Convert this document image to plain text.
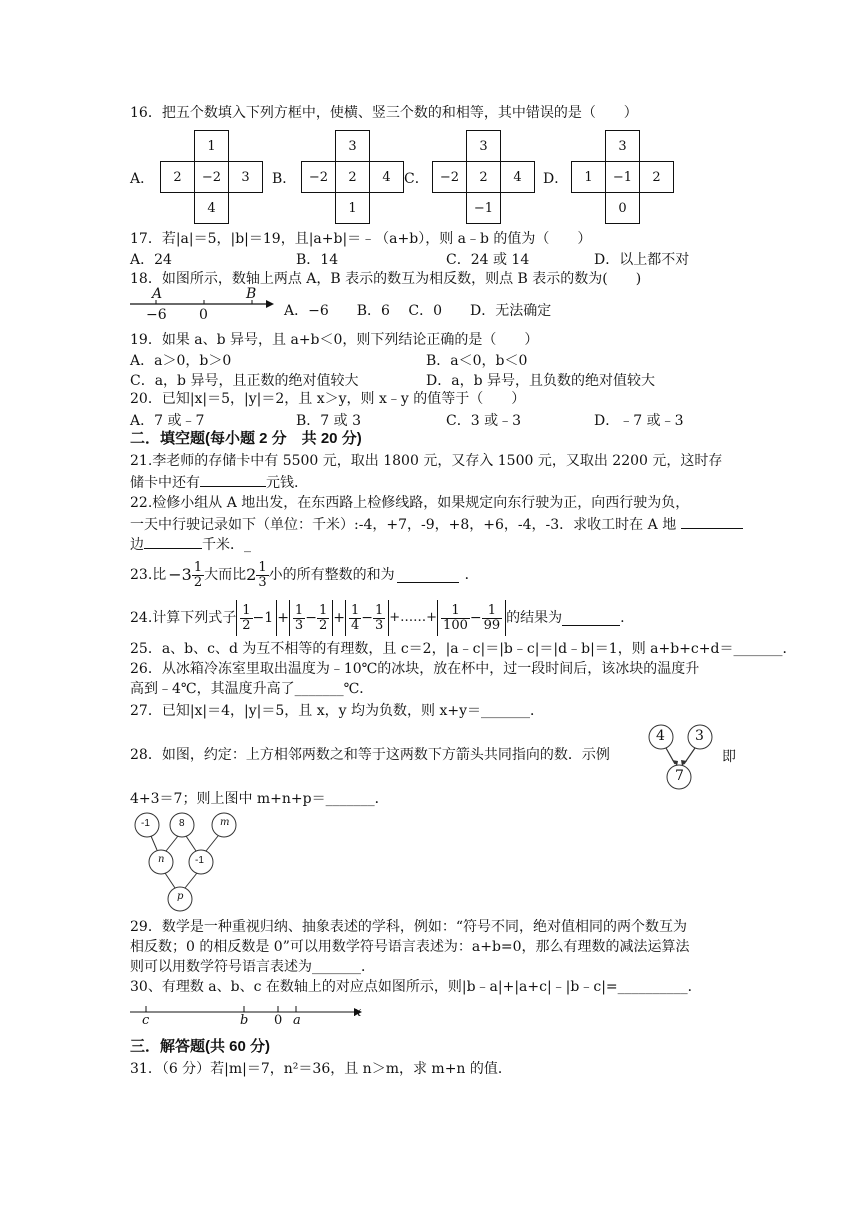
16．把五个数填入下列方框中，使横、竖三个数的和相等，其中错误的是（　　）
A．
	1	
2	−2	3
	4	
B．
	3	
−2	2	4
	1	
C．
	3	
−2	2	4
	−1	
D．
	3	
1	−1	2
	0	
17．若|a|＝5，|b|＝19，且|a+b|＝﹣（a+b），则 a﹣b 的值为（　　）
A．24	B．14	C．24 或 14	D．以上都不对
18．如图所示，数轴上两点 A，B 表示的数互为相反数，则点 B 表示的数为(　　)
A	B
−6 0	A．−6　　B．6　 C．0　　D．无法确定
19．如果 a、b 异号，且 a+b＜0，则下列结论正确的是（　　）
A．a＞0，b＞0	B．a＜0，b＜0
C．a，b 异号，且正数的绝对值较大	D．a，b 异号，且负数的绝对值较大
20．已知|x|＝5，|y|＝2，且 x＞y，则 x﹣y 的值等于（　　）
A．7 或﹣7	B．7 或 3	C．3 或﹣3	D．﹣7 或﹣3
二．填空题(每小题 2 分　共 20 分)
21.李老师的存储卡中有 5500 元，取出 1800 元，又存入 1500 元，又取出 2200 元，这时存
储卡中还有	元钱.
22.检修小组从 A 地出发，在东西路上检修线路，如果规定向东行驶为正，向西行驶为负，
一天中行驶记录如下（单位：千米）:-4，+7，-9，+8，+6，-4，-3．求收工时在 A 地
边	千米．_
23.比 $-3 \frac{1}{2}$ 大而比 $2 \frac{1}{3}$ 小的所有整数的和为	．
24.计算下列式子 $\frac{1}{2} -1 + \frac{1}{3} - \frac{1}{2} + \frac{1}{4} - \frac{1}{3}$ +……+ $\frac{1}{100} - \frac{1}{99}$ 的结果为	.
25．a、b、c、d 为互不相等的有理数，且 c＝2，|a﹣c|＝|b﹣c|＝|d﹣b|＝1，则 a+b+c+d＝_______．
26．从冰箱冷冻室里取出温度为﹣10℃的冰块，放在杯中，过一段时间后，该冰块的温度升
高到﹣4℃，其温度升高了_______℃．
27．已知|x|＝4，|y|＝5，且 x，y 均为负数，则 x+y＝_______．
28．如图，约定：上方相邻两数之和等于这两数下方箭头共同指向的数．示例
4 3
7
即
4+3＝7；则上图中 m+n+p＝_______．
-1	8	m
n	-1
p
29．数学是一种重视归纳、抽象表述的学科，例如：“符号不同，绝对值相同的两个数互为
相反数；0 的相反数是 0”可以用数学符号语言表述为：a+b=0，那么有理数的减法运算法
则可以用数学符号语言表述为_______．
30、有理数 a、b、c 在数轴上的对应点如图所示，则|b﹣a|+|a+c|﹣|b﹣c|=__________．
c	b 0 a
x
三．解答题(共 60 分)
31．（6 分）若|m|＝7，n²＝36，且 n＞m，求 m+n 的值．
